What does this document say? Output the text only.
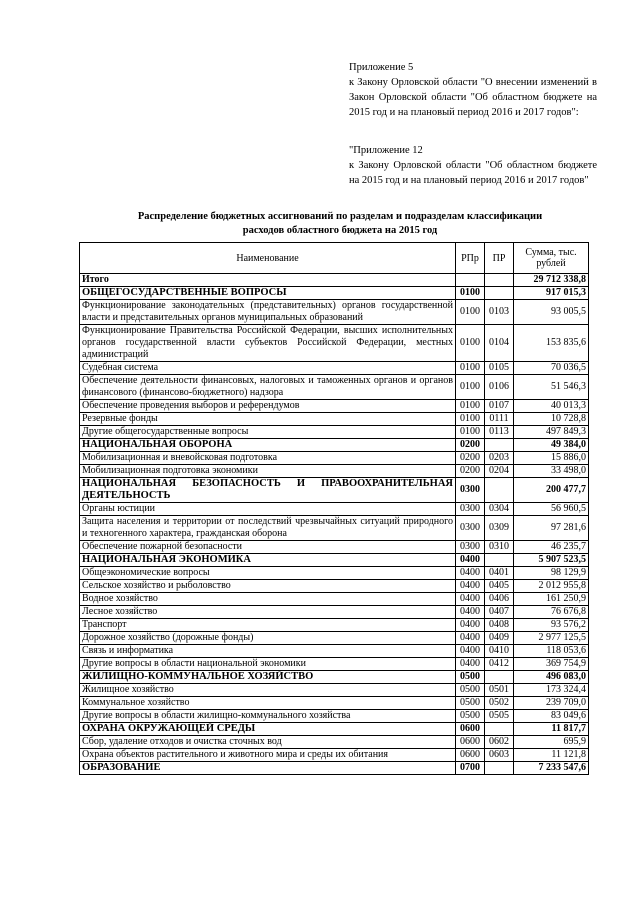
Приложение 5

к Закону Орловской области "О внесении изменений в Закон Орловской области "Об областном бюджете на 2015 год и на плановый период 2016 и 2017 годов":

"Приложение 12

к Закону Орловской области "Об областном бюджете на 2015 год и на плановый период 2016 и 2017 годов"

Распределение бюджетных ассигнований по разделам и подразделам классификации
расходов областного бюджета на 2015 год
Наименование	РПр	ПР	Сумма, тыс. рублей
Итого			29 712 338,8
ОБЩЕГОСУДАРСТВЕННЫЕ ВОПРОСЫ	0100		917 015,3
Функционирование законодательных (представительных) органов государственной власти и представительных органов муниципальных образований	0100	0103	93 005,5
Функционирование Правительства Российской Федерации, высших исполнительных органов государственной власти субъектов Российской Федерации, местных администраций	0100	0104	153 835,6
Судебная система	0100	0105	70 036,5
Обеспечение деятельности финансовых, налоговых и таможенных органов и органов финансового (финансово-бюджетного) надзора	0100	0106	51 546,3
Обеспечение проведения выборов и референдумов	0100	0107	40 013,3
Резервные фонды	0100	0111	10 728,8
Другие общегосударственные вопросы	0100	0113	497 849,3
НАЦИОНАЛЬНАЯ ОБОРОНА	0200		49 384,0
Мобилизационная и вневойсковая подготовка	0200	0203	15 886,0
Мобилизационная подготовка экономики	0200	0204	33 498,0
НАЦИОНАЛЬНАЯ БЕЗОПАСНОСТЬ И ПРАВООХРАНИТЕЛЬНАЯ ДЕЯТЕЛЬНОСТЬ	0300		200 477,7
Органы юстиции	0300	0304	56 960,5
Защита населения и территории от последствий чрезвычайных ситуаций природного и техногенного характера, гражданская оборона	0300	0309	97 281,6
Обеспечение пожарной безопасности	0300	0310	46 235,7
НАЦИОНАЛЬНАЯ ЭКОНОМИКА	0400		5 907 523,5
Общеэкономические вопросы	0400	0401	98 129,9
Сельское хозяйство и рыболовство	0400	0405	2 012 955,8
Водное хозяйство	0400	0406	161 250,9
Лесное хозяйство	0400	0407	76 676,8
Транспорт	0400	0408	93 576,2
Дорожное хозяйство (дорожные фонды)	0400	0409	2 977 125,5
Связь и информатика	0400	0410	118 053,6
Другие вопросы в области национальной экономики	0400	0412	369 754,9
ЖИЛИЩНО-КОММУНАЛЬНОЕ ХОЗЯЙСТВО	0500		496 083,0
Жилищное хозяйство	0500	0501	173 324,4
Коммунальное хозяйство	0500	0502	239 709,0
Другие вопросы в области жилищно-коммунального хозяйства	0500	0505	83 049,6
ОХРАНА ОКРУЖАЮЩЕЙ СРЕДЫ	0600		11 817,7
Сбор, удаление отходов и очистка сточных вод	0600	0602	695,9
Охрана объектов растительного и животного мира и среды их обитания	0600	0603	11 121,8
ОБРАЗОВАНИЕ	0700		7 233 547,6
